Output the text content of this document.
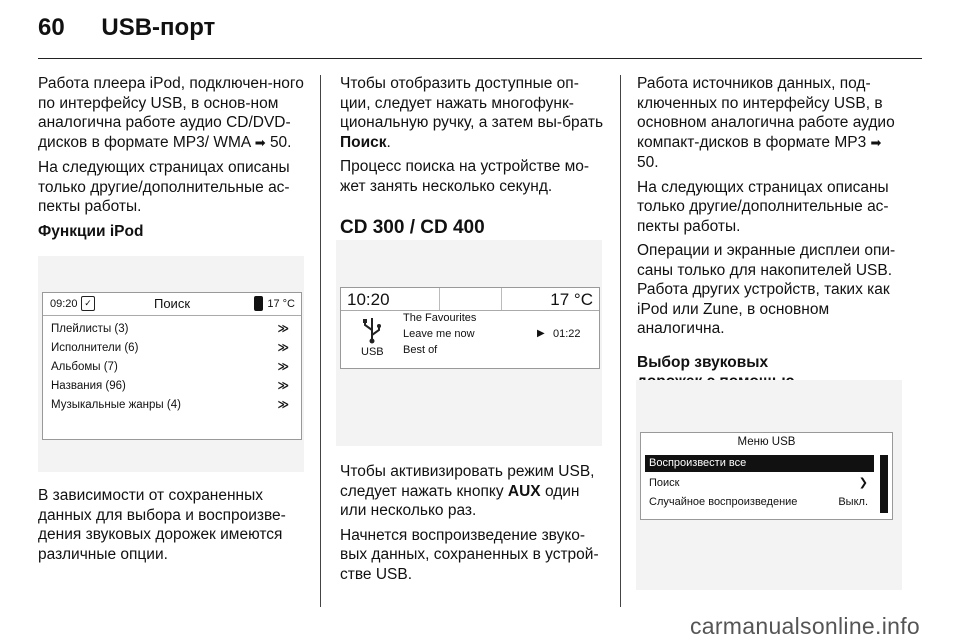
60 USB-порт

Работа плеера iPod, подключен-ного по интерфейсу USB, в основ-ном аналогична работе аудио CD/DVD-дисков в формате MP3/ WMA ➡ 50.

На следующих страницах описаны только другие/дополнительные ас-пекты работы.

Функции iPod
09:20 ✓	Поиск	17 °C
Плейлисты (3)	≫
Исполнители (6)	≫
Альбомы (7)	≫
Названия (96)	≫
Музыкальные жанры (4)	≫

В зависимости от сохраненных данных для выбора и воспроизве-дения звуковых дорожек имеются различные опции.

Чтобы отобразить доступные оп-ции, следует нажать многофунк-циональную ручку, а затем вы-брать Поиск.

Процесс поиска на устройстве мо-жет занять несколько секунд.

CD 300 / CD 400
10:20	17 °C
USB
The Favourites
Leave me now
Best of
▶ 01:22

Чтобы активизировать режим USB, следует нажать кнопку AUX один или несколько раз.

Начнется воспроизведение звуко-вых данных, сохраненных в устрой-стве USB.

Работа источников данных, под-ключенных по интерфейсу USB, в основном аналогична работе аудио компакт-дисков в формате MP3 ➡ 50.

На следующих страницах описаны только другие/дополнительные ас-пекты работы.

Операции и экранные дисплеи опи-саны только для накопителей USB. Работа других устройств, таких как iPod или Zune, в основном аналогична.

Выбор звуковых
Меню USB
Воспроизвести все
Поиск	❯
Случайное воспроизведение	Выкл.
carmanualsonline.info
